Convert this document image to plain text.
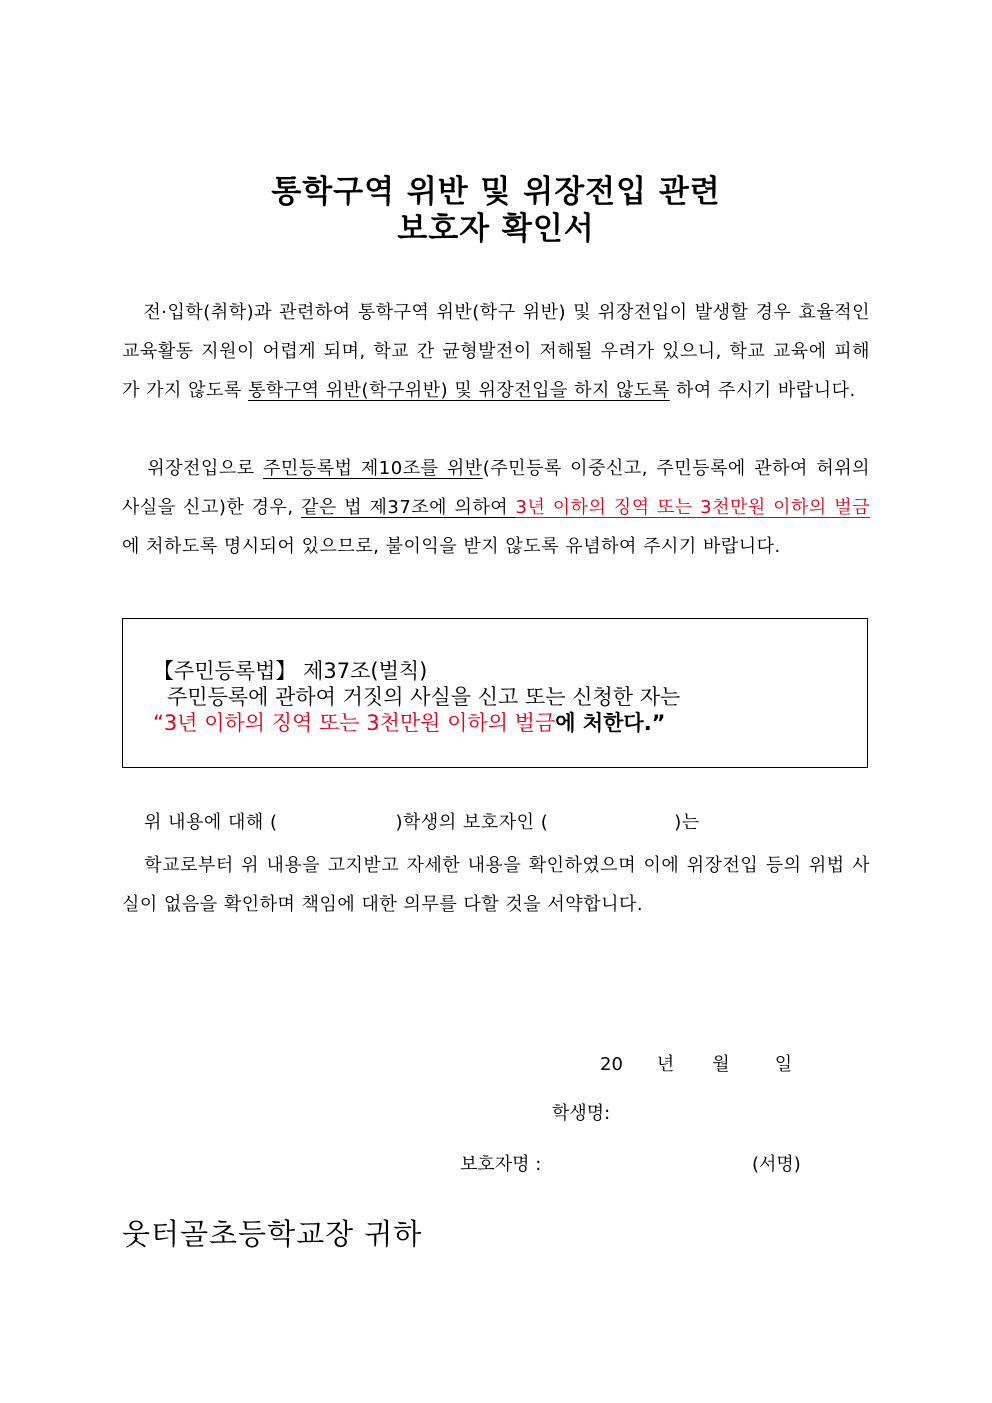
통학구역 위반 및 위장전입 관련
보호자 확인서
전·입학(취학)과 관련하여 통학구역 위반(학구 위반) 및 위장전입이 발생할 경우 효율적인 교육활동 지원이 어렵게 되며, 학교 간 균형발전이 저해될 우려가 있으니, 학교 교육에 피해가 가지 않도록 통학구역 위반(학구위반) 및 위장전입을 하지 않도록 하여 주시기 바랍니다.
위장전입으로 주민등록법 제10조를 위반(주민등록 이중신고, 주민등록에 관하여 허위의 사실을 신고)한 경우, 같은 법 제37조에 의하여 3년 이하의 징역 또는 3천만원 이하의 벌금에 처하도록 명시되어 있으므로, 불이익을 받지 않도록 유념하여 주시기 바랍니다.
【주민등록법】 제37조(벌칙)
주민등록에 관하여 거짓의 사실을 신고 또는 신청한 자는
“3년 이하의 징역 또는 3천만원 이하의 벌금에 처한다.”
위 내용에 대해 (	)학생의 보호자인 (	)는
학교로부터 위 내용을 고지받고 자세한 내용을 확인하였으며 이에 위장전입 등의 위법 사실이 없음을 확인하며 책임에 대한 의무를 다할 것을 서약합니다.
20 년 월	일
학생명:
보호자명 :	(서명)
웃터골초등학교장 귀하
